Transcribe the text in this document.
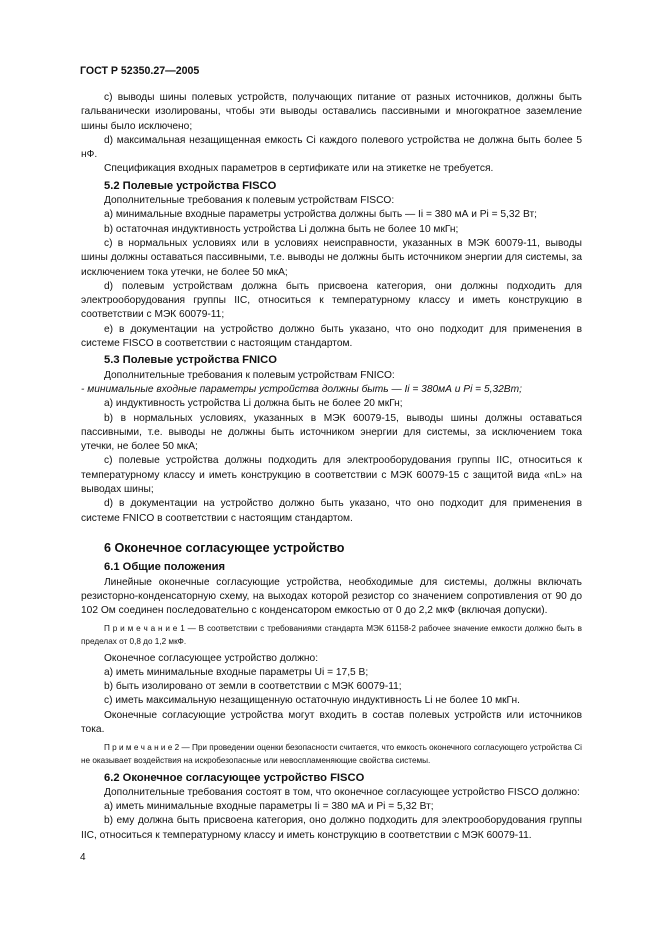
ГОСТ Р 52350.27—2005

c) выводы шины полевых устройств, получающих питание от разных источников, должны быть гальванически изолированы, чтобы эти выводы оставались пассивными и многократное заземление шины было исключено;

d) максимальная незащищенная емкость Ci каждого полевого устройства не должна быть более 5 нФ.

Спецификация входных параметров в сертификате или на этикетке не требуется.

5.2 Полевые устройства FISCO

Дополнительные требования к полевым устройствам FISCO:

a) минимальные входные параметры устройства должны быть — Ii = 380 мА и Pi = 5,32 Вт;

b) остаточная индуктивность устройства Li должна быть не более 10 мкГн;

c) в нормальных условиях или в условиях неисправности, указанных в МЭК 60079-11, выводы шины должны оставаться пассивными, т.е. выводы не должны быть источником энергии для системы, за исключением тока утечки, не более 50 мкА;

d) полевым устройствам должна быть присвоена категория, они должны подходить для электрооборудования группы IIC, относиться к температурному классу и иметь конструкцию в соответствии с МЭК 60079-11;

e) в документации на устройство должно быть указано, что оно подходит для применения в системе FISCO в соответствии с настоящим стандартом.

5.3 Полевые устройства FNICO

Дополнительные требования к полевым устройствам FNICO:

- минимальные входные параметры устройства должны быть — Ii = 380мА и Pi = 5,32Вт;

a) индуктивность устройства Li должна быть не более 20 мкГн;

b) в нормальных условиях, указанных в МЭК 60079-15, выводы шины должны оставаться пассивными, т.е. выводы не должны быть источником энергии для системы, за исключением тока утечки, не более 50 мкА;

c) полевые устройства должны подходить для электрооборудования группы IIC, относиться к температурному классу и иметь конструкцию в соответствии с МЭК 60079-15 с защитой вида «nL» на выводах шины;

d) в документации на устройство должно быть указано, что оно подходит для применения в системе FNICO в соответствии с настоящим стандартом.

6 Оконечное согласующее устройство
6.1 Общие положения

Линейные оконечные согласующие устройства, необходимые для системы, должны включать резисторно-конденсаторную схему, на выходах которой резистор со значением сопротивления от 90 до 102 Ом соединен последовательно с конденсатором емкостью от 0 до 2,2 мкФ (включая допуски).

П р и м е ч а н и е 1 — В соответствии с требованиями стандарта МЭК 61158-2 рабочее значение емкости должно быть в пределах от 0,8 до 1,2 мкФ.

Оконечное согласующее устройство должно:

a) иметь минимальные входные параметры Ui = 17,5 В;

b) быть изолировано от земли в соответствии с МЭК 60079-11;

c) иметь максимальную незащищенную остаточную индуктивность Li не более 10 мкГн.

Оконечные согласующие устройства могут входить в состав полевых устройств или источников тока.

П р и м е ч а н и е 2 — При проведении оценки безопасности считается, что емкость оконечного согласующего устройства Ci не оказывает воздействия на искробезопасные или невоспламеняющие свойства системы.

6.2 Оконечное согласующее устройство FISCO

Дополнительные требования состоят в том, что оконечное согласующее устройство FISCO должно:

a) иметь минимальные входные параметры Ii = 380 мА и Pi = 5,32 Вт;

b) ему должна быть присвоена категория, оно должно подходить для электрооборудования группы IIC, относиться к температурному классу и иметь конструкцию в соответствии с МЭК 60079-11.

4
